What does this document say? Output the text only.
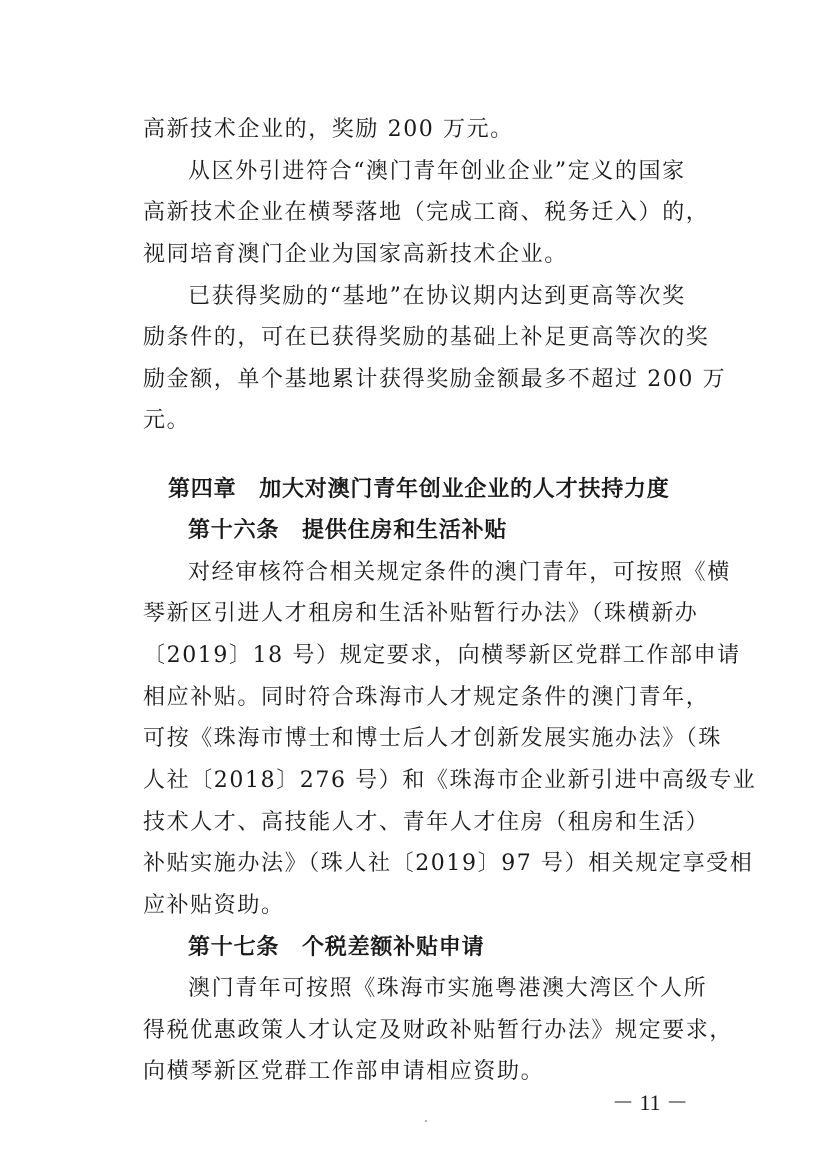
高新技术企业的，奖励 200 万元。
从区外引进符合“澳门青年创业企业”定义的国家
高新技术企业在横琴落地（完成工商、税务迁入）的，
视同培育澳门企业为国家高新技术企业。
已获得奖励的“基地”在协议期内达到更高等次奖
励条件的，可在已获得奖励的基础上补足更高等次的奖
励金额，单个基地累计获得奖励金额最多不超过 200 万
元。
第四章　加大对澳门青年创业企业的人才扶持力度
第十六条　提供住房和生活补贴
对经审核符合相关规定条件的澳门青年，可按照《横
琴新区引进人才租房和生活补贴暂行办法》（珠横新办
〔2019〕18 号）规定要求，向横琴新区党群工作部申请
相应补贴。同时符合珠海市人才规定条件的澳门青年，
可按《珠海市博士和博士后人才创新发展实施办法》（珠
人社〔2018〕276 号）和《珠海市企业新引进中高级专业
技术人才、高技能人才、青年人才住房（租房和生活）
补贴实施办法》（珠人社〔2019〕97 号）相关规定享受相
应补贴资助。
第十七条　个税差额补贴申请
澳门青年可按照《珠海市实施粤港澳大湾区个人所
得税优惠政策人才认定及财政补贴暂行办法》规定要求，
向横琴新区党群工作部申请相应资助。
－ 11 －
